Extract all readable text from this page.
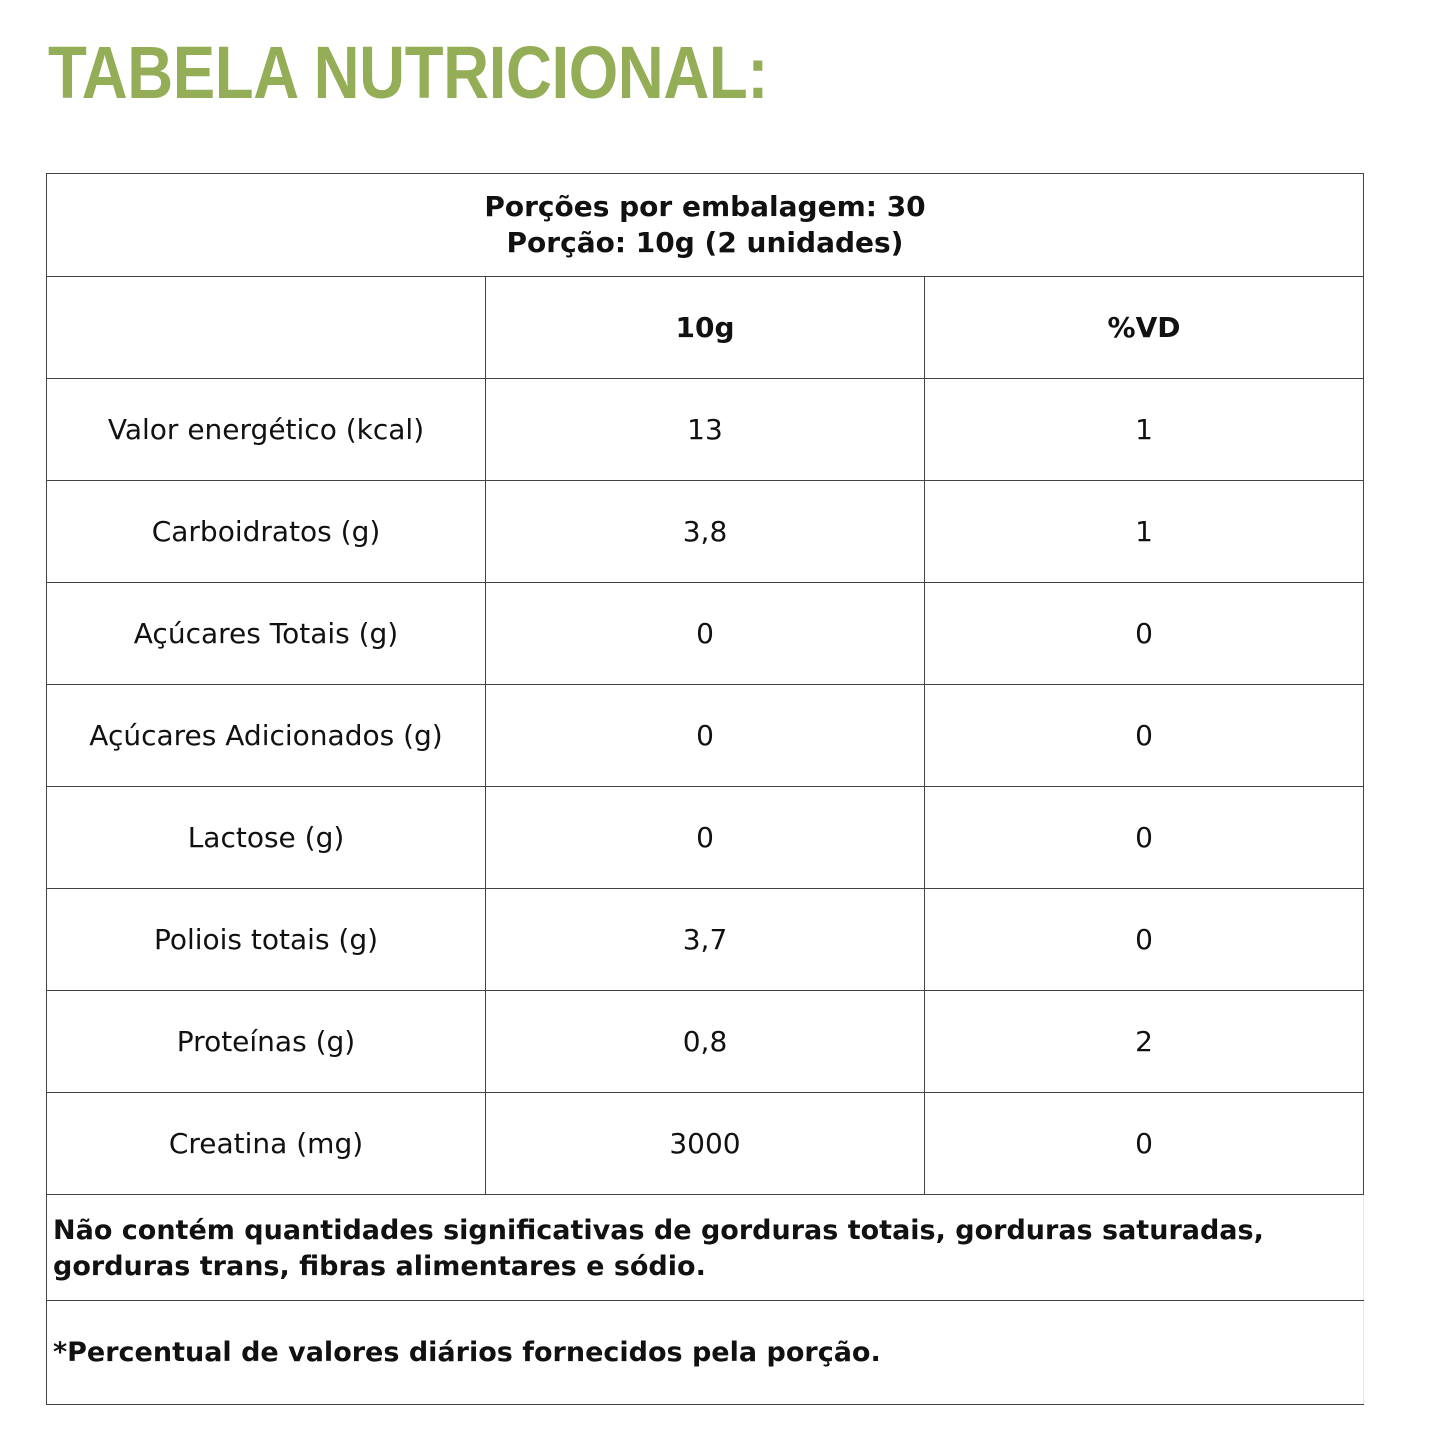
TABELA NUTRICIONAL:
Porções por embalagem: 30
Porção: 10g (2 unidades)		

	10g	%VD
Valor energético (kcal)	13	1
Carboidratos (g)	3,8	1
Açúcares Totais (g)	0	0
Açúcares Adicionados (g)	0	0
Lactose (g)	0	0
Poliois totais (g)	3,7	0
Proteínas (g)	0,8	2
Creatina (mg)	3000	0
Não contém quantidades significativas de gorduras totais, gorduras saturadas, gorduras trans, fibras alimentares e sódio.		
*Percentual de valores diários fornecidos pela porção.		
